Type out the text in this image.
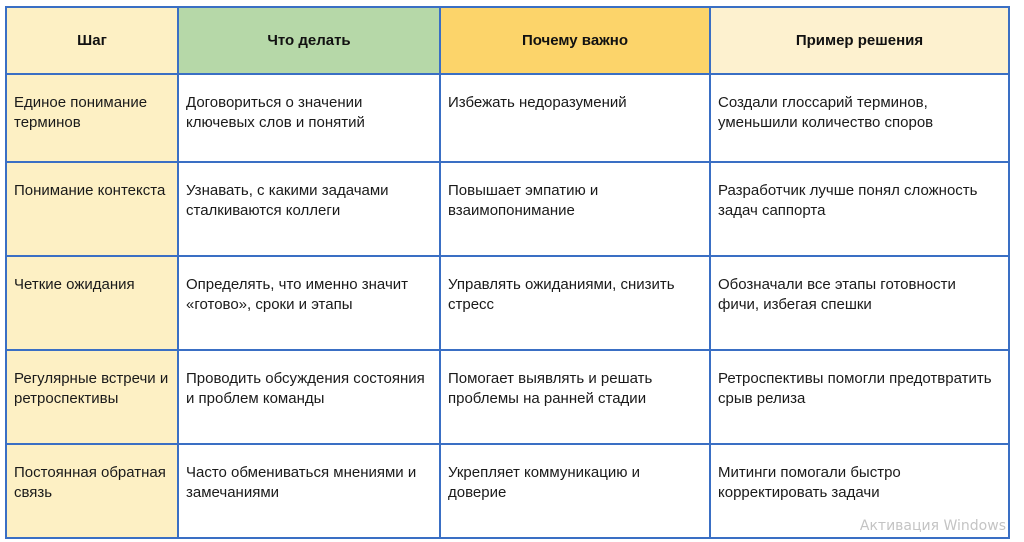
Шаг	Что делать	Почему важно	Пример решения

Единое понимание терминов	Договориться о значении ключевых слов и понятий	Избежать недоразумений	Создали глоссарий терминов, уменьшили количество споров

Понимание контекста	Узнавать, с какими задачами сталкиваются коллеги	Повышает эмпатию и взаимопонимание	Разработчик лучше понял сложность задач саппорта

Четкие ожидания	Определять, что именно значит «готово», сроки и этапы	Управлять ожиданиями, снизить стресс	Обозначали все этапы готовности фичи, избегая спешки

Регулярные встречи и ретроспективы	Проводить обсуждения состояния и проблем команды	Помогает выявлять и решать проблемы на ранней стадии	Ретроспективы помогли предотвратить срыв релиза

Постоянная обратная связь	Часто обмениваться мнениями и замечаниями	Укрепляет коммуникацию и доверие	Митинги помогали быстро корректировать задачи
Активация Windows
